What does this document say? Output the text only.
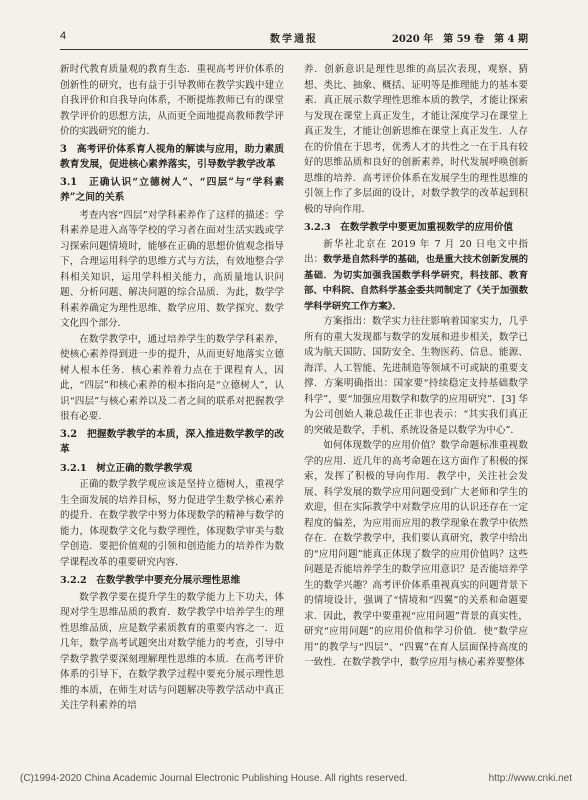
4	数学通报	2020 年　第 59 卷　第 4 期

新时代教育质量观的教育生态．重视高考评价体系的创新性的研究，也有益于引导教师在教学实践中建立自我评价和自我导向体系，不断提炼教师已有的课堂教学评价的思想方法，从而更全面地提高教师教学评价的实践研究的能力．

3　高考评价体系育人视角的解读与应用，助力素质教育发展，促进核心素养落实，引导数学教学改革
3.1　正确认识“立德树人”、“四层”与“学科素养”之间的关系

考查内容“四层”对学科素养作了这样的描述：学科素养是进入高等学校的学习者在面对生活实践或学习探索问题情境时，能够在正确的思想价值观念指导下，合理运用科学的思维方式与方法，有效地整合学科相关知识，运用学科相关能力，高质量地认识问题、分析问题、解决问题的综合品质．为此，数学学科素养确定为理性思维、数学应用、数学探究、数学文化四个部分．

在数学教学中，通过培养学生的数学学科素养，使核心素养得到进一步的提升，从而更好地落实立德树人根本任务．核心素养着力点在于课程育人，因此，“四层”和核心素养的根本指向是“立德树人”，认识“四层”与核心素养以及二者之间的联系对把握教学很有必要．

3.2　把握数学教学的本质，深入推进数学教学的改革
3.2.1　树立正确的数学教学观

正确的数学教学观应该是坚持立德树人，重视学生全面发展的培养目标，努力促进学生数学核心素养的提升．在数学教学中努力体现数学的精神与数学的能力，体现数学文化与数学理性，体现数学审美与数学创造．要把价值观的引领和创造能力的培养作为数学课程改革的重要研究内容．

3.2.2　在数学教学中要充分展示理性思维

数学教学要在提升学生的数学能力上下功夫，体现对学生思维品质的教育．数学教学中培养学生的理性思维品质，应是数学素质教育的重要内容之一．近几年，数学高考试题突出对数学能力的考查，引导中学数学教学要深刻理解理性思维的本质．在高考评价体系的引导下，在数学教学过程中要充分展示理性思维的本质，在师生对话与问题解决等教学活动中真正关注学科素养的培

养．创新意识是理性思维的高层次表现，观察、猜想、类比、抽象、概括、证明等是推理能力的基本要素．真正展示数学理性思维本质的教学，才能让探索与发现在课堂上真正发生，才能让深度学习在课堂上真正发生，才能让创新思维在课堂上真正发生．人存在的价值在于思考，优秀人才的共性之一在于具有较好的思维品质和良好的创新素养，时代发展呼唤创新思维的培养．高考评价体系在发展学生的理性思维的引领上作了多层面的设计，对数学教学的改革起到积极的导向作用．

3.2.3　在数学教学中要更加重视数学的应用价值

新华社北京在 2019 年 7 月 20 日电文中指出：数学是自然科学的基础，也是重大技术创新发展的基础．为切实加强我国数学科学研究，科技部、教育部、中科院、自然科学基金委共同制定了《关于加强数学科学研究工作方案》．

方案指出：数学实力往往影响着国家实力，几乎所有的重大发现都与数学的发展和进步相关，数学已成为航天国防、国防安全、生物医药、信息、能源、海洋、人工智能、先进制造等领域不可或缺的重要支撑．方案明确指出：国家要“持续稳定支持基础数学科学”，要“加强应用数学和数学的应用研究”．[3] 华为公司创始人兼总裁任正非也表示：“其实我们真正的突破是数学，手机、系统设备是以数学为中心”．

如何体现数学的应用价值？数学命题标准重视数学的应用．近几年的高考命题在这方面作了积极的探索，发挥了积极的导向作用．教学中，关注社会发展、科学发展的数学应用问题受到广大老师和学生的欢迎，但在实际教学中对数学应用的认识还存在一定程度的偏差，为应用而应用的教学现象在教学中依然存在．在数学教学中，我们要认真研究，教学中给出的“应用问题”能真正体现了数学的应用价值吗？这些问题是否能培养学生的数学应用意识？是否能培养学生的数学兴趣？高考评价体系重视真实的问题背景下的情境设计，强调了“情境和“四翼”的关系和命题要求．因此，教学中要重视“应用问题”背景的真实性，研究“应用问题”的应用价值和学习价值．使“数学应用”的教学与“四层”、“四翼”在育人层面保持高度的一致性．在数学教学中，数学应用与核心素养要整体

(C)1994-2020 China Academic Journal Electronic Publishing House. All rights reserved.	http://www.cnki.net
